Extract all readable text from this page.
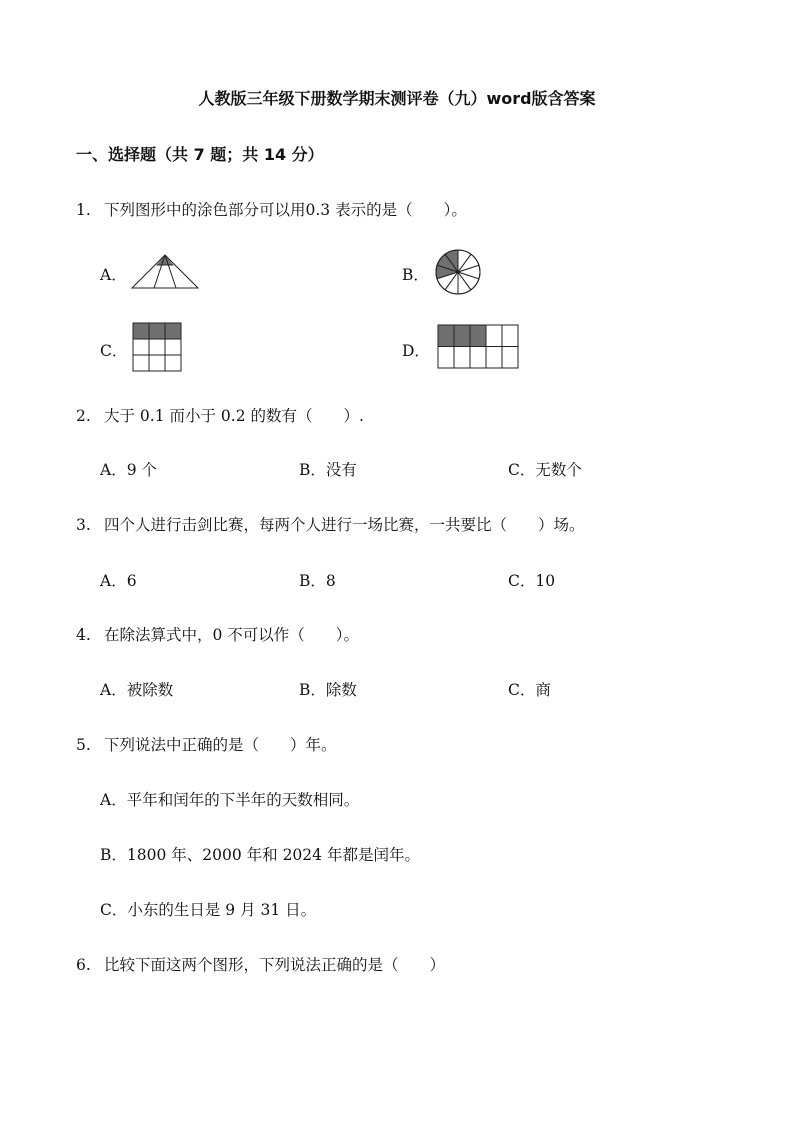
人教版三年级下册数学期末测评卷（九）word版含答案
一、选择题（共 7 题；共 14 分）
1. 下列图形中的涂色部分可以用0.3 表示的是（　　）。
A．	B．
C．	D．
2. 大于 0.1 而小于 0.2 的数有（　　）.
A．9 个	B．没有	C．无数个
3. 四个人进行击剑比赛，每两个人进行一场比赛，一共要比（　　）场。
A．6	B．8	C．10
4. 在除法算式中，0 不可以作（　　）。
A．被除数	B．除数	C．商
5. 下列说法中正确的是（　　）年。
A．平年和闰年的下半年的天数相同。
B．1800 年、2000 年和 2024 年都是闰年。
C．小东的生日是 9 月 31 日。
6. 比较下面这两个图形，下列说法正确的是（　　）
